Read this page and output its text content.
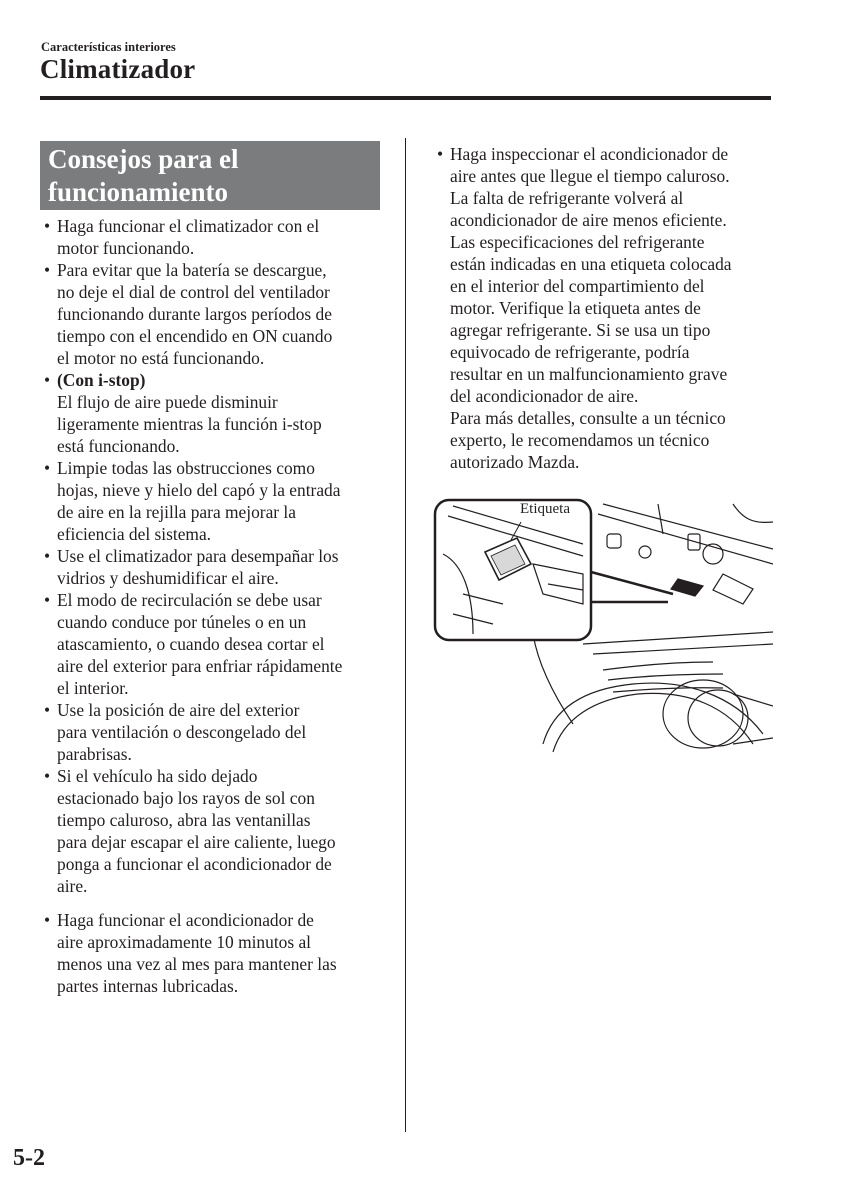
Características interiores
Climatizador
Consejos para el
funcionamiento
• Haga funcionar el climatizador con el
motor funcionando.
• Para evitar que la batería se descargue,
no deje el dial de control del ventilador
funcionando durante largos períodos de
tiempo con el encendido en ON cuando
el motor no está funcionando.
• (Con i-stop)
El flujo de aire puede disminuir
ligeramente mientras la función i-stop
está funcionando.
• Limpie todas las obstrucciones como
hojas, nieve y hielo del capó y la entrada
de aire en la rejilla para mejorar la
eficiencia del sistema.
• Use el climatizador para desempañar los
vidrios y deshumidificar el aire.
• El modo de recirculación se debe usar
cuando conduce por túneles o en un
atascamiento, o cuando desea cortar el
aire del exterior para enfriar rápidamente
el interior.
• Use la posición de aire del exterior
para ventilación o descongelado del
parabrisas.
• Si el vehículo ha sido dejado
estacionado bajo los rayos de sol con
tiempo caluroso, abra las ventanillas
para dejar escapar el aire caliente, luego
ponga a funcionar el acondicionador de
aire.
• Haga funcionar el acondicionador de
aire aproximadamente 10 minutos al
menos una vez al mes para mantener las
partes internas lubricadas.
• Haga inspeccionar el acondicionador de
aire antes que llegue el tiempo caluroso.
La falta de refrigerante volverá al
acondicionador de aire menos eficiente.
Las especificaciones del refrigerante
están indicadas en una etiqueta colocada
en el interior del compartimiento del
motor. Verifique la etiqueta antes de
agregar refrigerante. Si se usa un tipo
equivocado de refrigerante, podría
resultar en un malfuncionamiento grave
del acondicionador de aire.
Para más detalles, consulte a un técnico
experto, le recomendamos un técnico
autorizado Mazda.
Etiqueta
5-2
